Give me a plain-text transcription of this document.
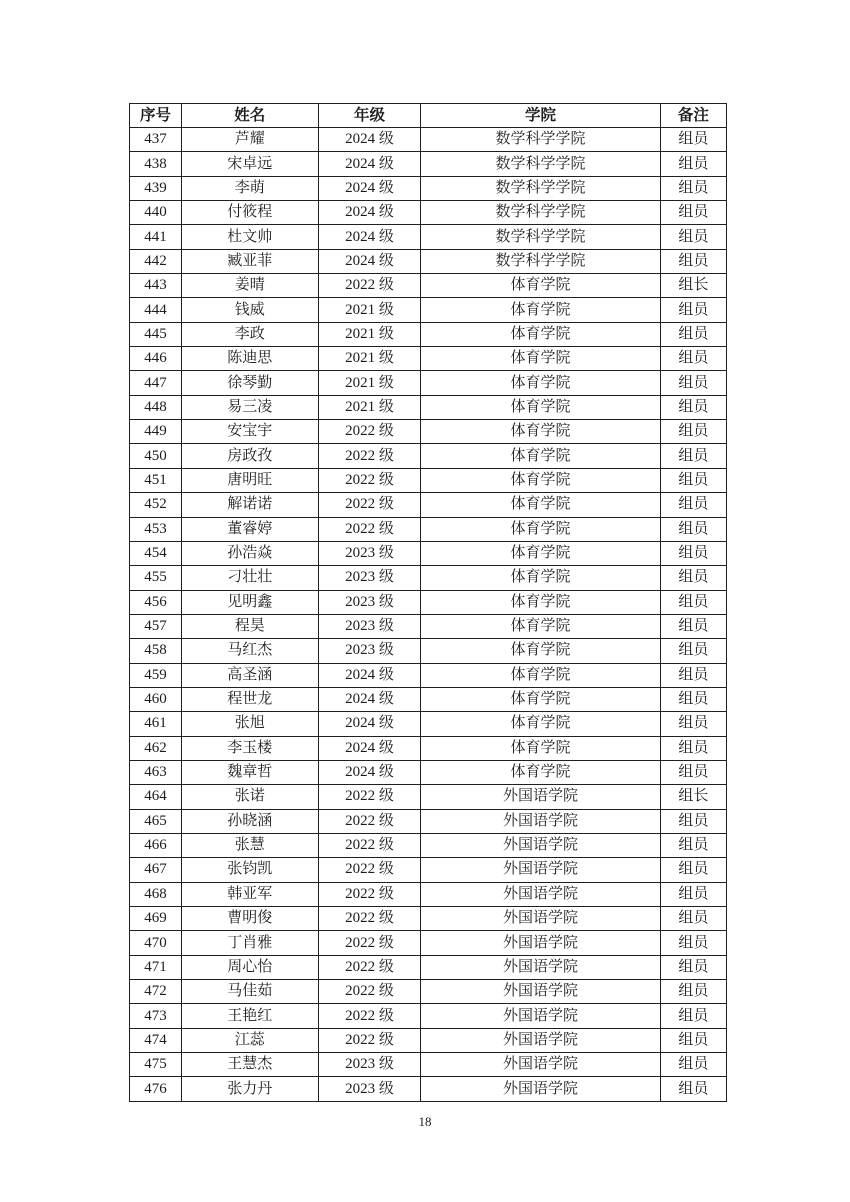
序号	姓名	年级	学院	备注
437	芦耀	2024 级	数学科学学院	组员
438	宋卓远	2024 级	数学科学学院	组员
439	李萌	2024 级	数学科学学院	组员
440	付筱程	2024 级	数学科学学院	组员
441	杜文帅	2024 级	数学科学学院	组员
442	臧亚菲	2024 级	数学科学学院	组员
443	姜晴	2022 级	体育学院	组长
444	钱威	2021 级	体育学院	组员
445	李政	2021 级	体育学院	组员
446	陈迪思	2021 级	体育学院	组员
447	徐琴勤	2021 级	体育学院	组员
448	易三凌	2021 级	体育学院	组员
449	安宝宇	2022 级	体育学院	组员
450	房政孜	2022 级	体育学院	组员
451	唐明旺	2022 级	体育学院	组员
452	解诺诺	2022 级	体育学院	组员
453	董睿婷	2022 级	体育学院	组员
454	孙浩焱	2023 级	体育学院	组员
455	刁壮壮	2023 级	体育学院	组员
456	见明鑫	2023 级	体育学院	组员
457	程昊	2023 级	体育学院	组员
458	马红杰	2023 级	体育学院	组员
459	高圣涵	2024 级	体育学院	组员
460	程世龙	2024 级	体育学院	组员
461	张旭	2024 级	体育学院	组员
462	李玉楼	2024 级	体育学院	组员
463	魏章哲	2024 级	体育学院	组员
464	张诺	2022 级	外国语学院	组长
465	孙晓涵	2022 级	外国语学院	组员
466	张慧	2022 级	外国语学院	组员
467	张钧凯	2022 级	外国语学院	组员
468	韩亚军	2022 级	外国语学院	组员
469	曹明俊	2022 级	外国语学院	组员
470	丁肖雅	2022 级	外国语学院	组员
471	周心怡	2022 级	外国语学院	组员
472	马佳茹	2022 级	外国语学院	组员
473	王艳红	2022 级	外国语学院	组员
474	江蕊	2022 级	外国语学院	组员
475	王慧杰	2023 级	外国语学院	组员
476	张力丹	2023 级	外国语学院	组员
18
